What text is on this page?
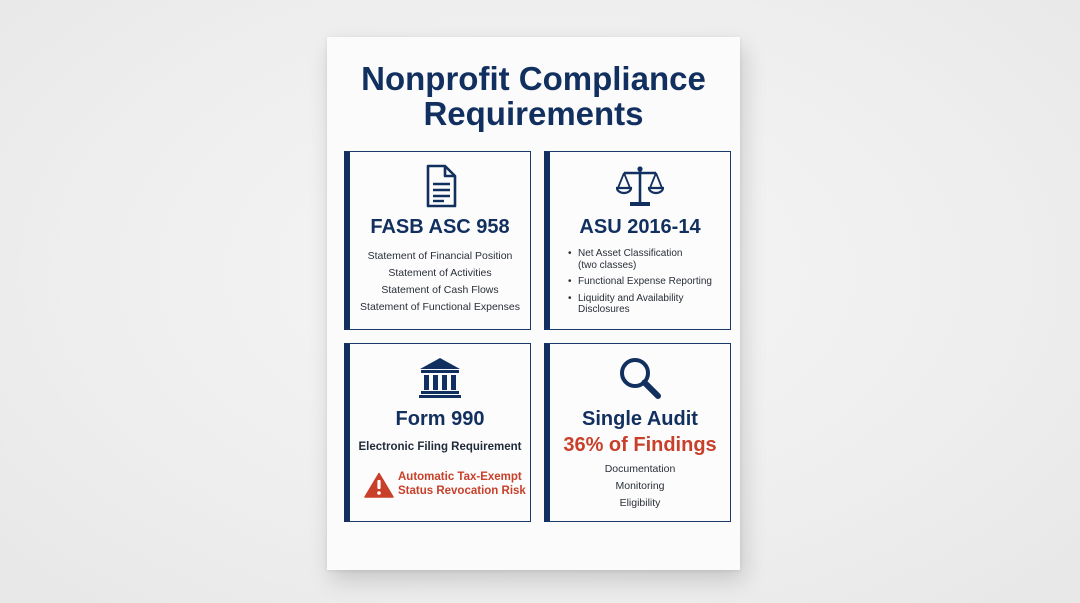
Nonprofit Compliance
Requirements
FASB ASC 958
Statement of Financial Position
Statement of Activities
Statement of Cash Flows
Statement of Functional Expenses
ASU 2016-14
• Net Asset Classification
(two classes)
• Functional Expense Reporting
• Liquidity and Availability
Disclosures
Form 990
Electronic Filing Requirement
Automatic Tax-Exempt
Status Revocation Risk
Single Audit
36% of Findings
Documentation
Monitoring
Eligibility
